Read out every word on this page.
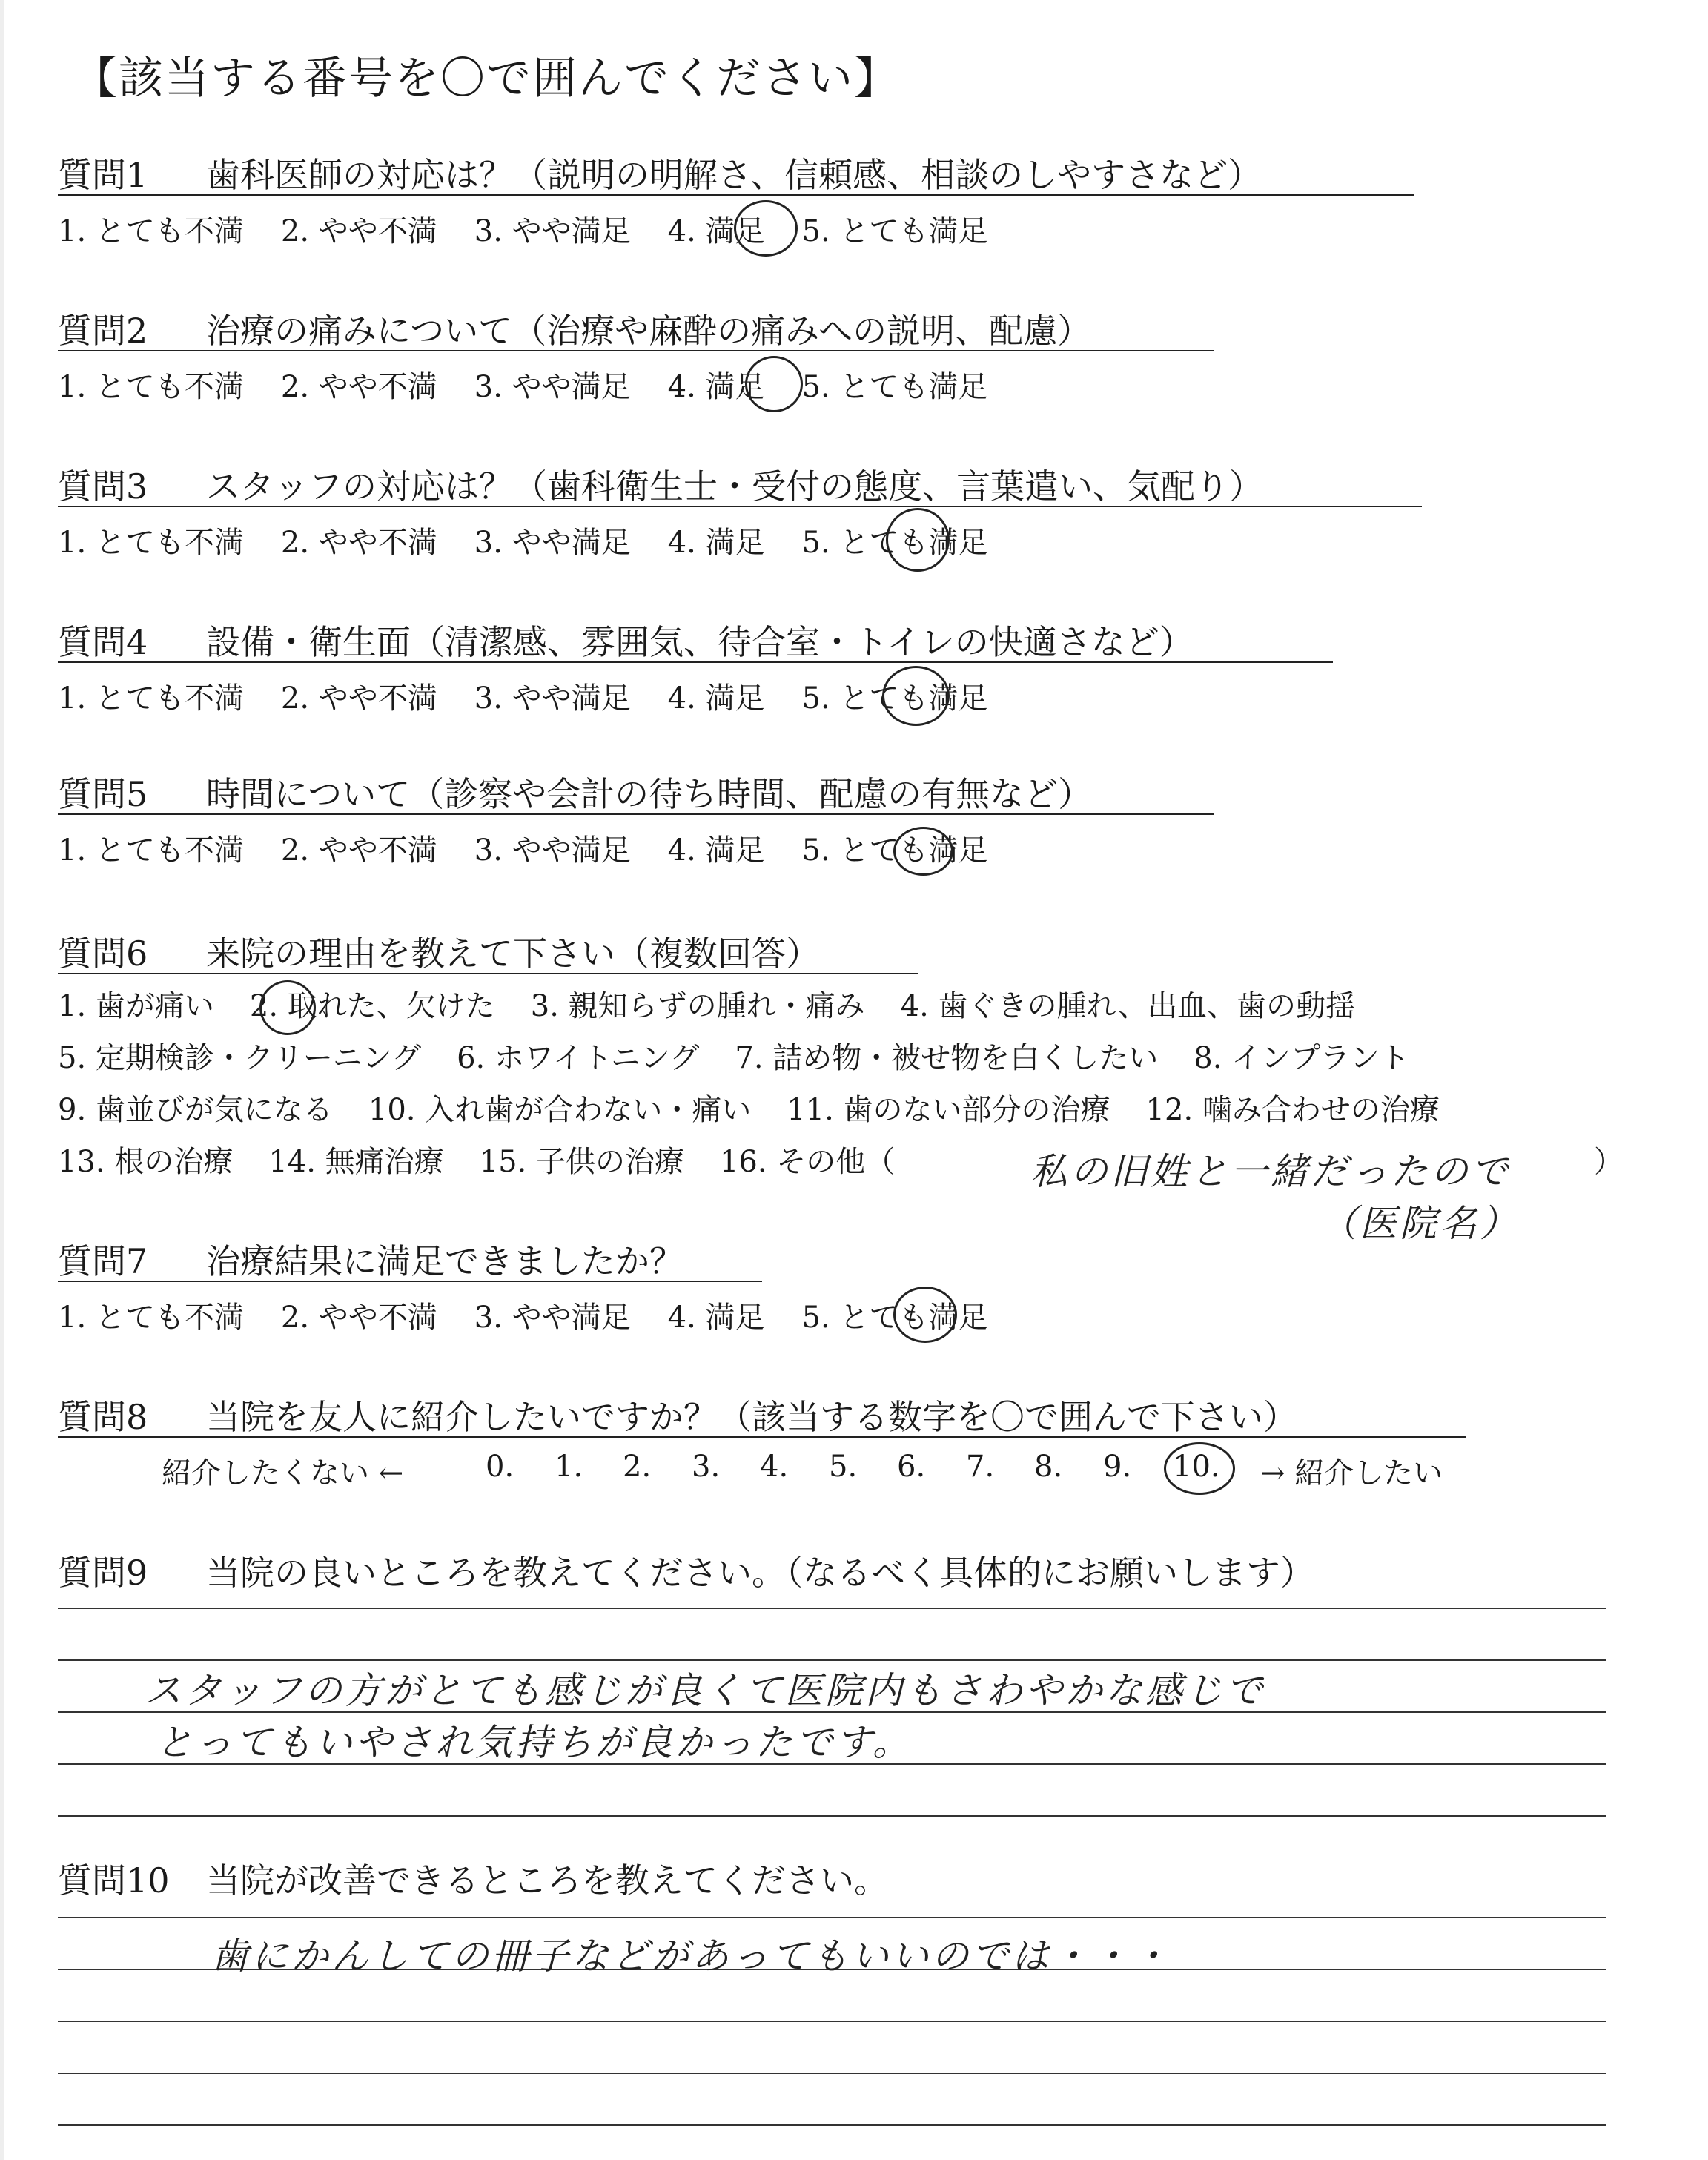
【該当する番号を〇で囲んでください】
質問1 歯科医師の対応は？（説明の明解さ、信頼感、相談のしやすさなど）
1. とても不満 2. やや不満 3. やや満足 4. 満足 5. とても満足
質問2 治療の痛みについて（治療や麻酔の痛みへの説明、配慮）
1. とても不満 2. やや不満 3. やや満足 4. 満足 5. とても満足
質問3 スタッフの対応は？（歯科衛生士・受付の態度、言葉遣い、気配り）
1. とても不満 2. やや不満 3. やや満足 4. 満足 5. とても満足
質問4 設備・衛生面（清潔感、雰囲気、待合室・トイレの快適さなど）
1. とても不満 2. やや不満 3. やや満足 4. 満足 5. とても満足
質問5 時間について（診察や会計の待ち時間、配慮の有無など）
1. とても不満 2. やや不満 3. やや満足 4. 満足 5. とても満足
質問6 来院の理由を教えて下さい（複数回答）
1. 歯が痛い 2. 取れた、欠けた 3. 親知らずの腫れ・痛み 4. 歯ぐきの腫れ、出血、歯の動揺
5. 定期検診・クリーニング 6. ホワイトニング 7. 詰め物・被せ物を白くしたい 8. インプラント
9. 歯並びが気になる 10. 入れ歯が合わない・痛い 11. 歯のない部分の治療 12. 噛み合わせの治療
13. 根の治療 14. 無痛治療 15. 子供の治療 16. その他（	）
私の旧姓と一緒だったので
（医院名）
質問7 治療結果に満足できましたか？
1. とても不満 2. やや不満 3. やや満足 4. 満足 5. とても満足
質問8 当院を友人に紹介したいですか？（該当する数字を〇で囲んで下さい）
紹介したくない ←	0. 1. 2. 3. 4. 5. 6. 7. 8. 9. 10. → 紹介したい
質問9 当院の良いところを教えてください。（なるべく具体的にお願いします）
スタッフの方がとても感じが良くて医院内もさわやかな感じで
とってもいやされ気持ちが良かったです。
質問10 当院が改善できるところを教えてください。
歯にかんしての冊子などがあってもいいのでは・・・
